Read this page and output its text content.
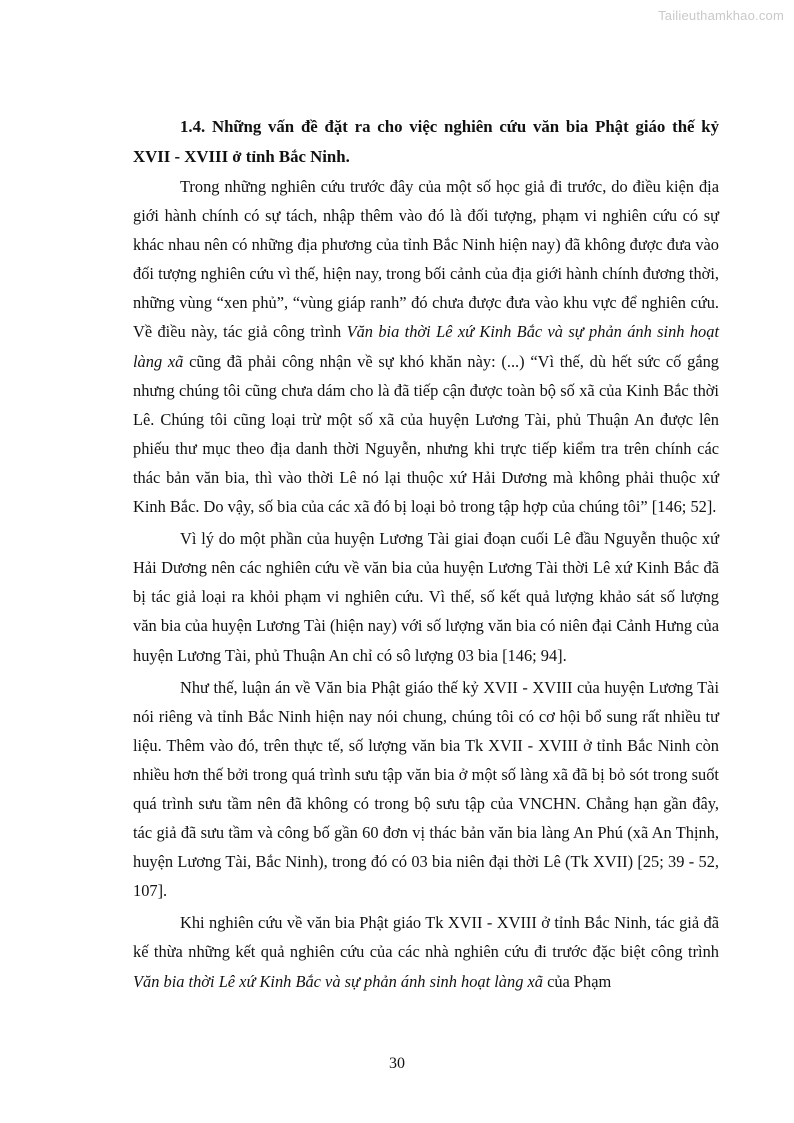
Tailieuthamkhao.com
1.4. Những vấn đề đặt ra cho việc nghiên cứu văn bia Phật giáo thế kỷ
XVII - XVIII ở tỉnh Bắc Ninh.

Trong những nghiên cứu trước đây của một số học giả đi trước, do điều kiện địa giới hành chính có sự tách, nhập thêm vào đó là đối tượng, phạm vi nghiên cứu có sự khác nhau nên có những địa phương của tỉnh Bắc Ninh hiện nay) đã không được đưa vào đối tượng nghiên cứu vì thế, hiện nay, trong bối cảnh của địa giới hành chính đương thời, những vùng “xen phủ”, “vùng giáp ranh” đó chưa được đưa vào khu vực để nghiên cứu. Về điều này, tác giả công trình Văn bia thời Lê xứ Kinh Bắc và sự phản ánh sinh hoạt làng xã cũng đã phải công nhận về sự khó khăn này: (...) “Vì thế, dù hết sức cố gắng nhưng chúng tôi cũng chưa dám cho là đã tiếp cận được toàn bộ số xã của Kinh Bắc thời Lê. Chúng tôi cũng loại trừ một số xã của huyện Lương Tài, phủ Thuận An được lên phiếu thư mục theo địa danh thời Nguyễn, nhưng khi trực tiếp kiểm tra trên chính các thác bản văn bia, thì vào thời Lê nó lại thuộc xứ Hải Dương mà không phải thuộc xứ Kinh Bắc. Do vậy, số bia của các xã đó bị loại bỏ trong tập hợp của chúng tôi” [146; 52].

Vì lý do một phần của huyện Lương Tài giai đoạn cuối Lê đầu Nguyễn thuộc xứ Hải Dương nên các nghiên cứu về văn bia của huyện Lương Tài thời Lê xứ Kinh Bắc đã bị tác giả loại ra khỏi phạm vi nghiên cứu. Vì thế, số kết quả lượng khảo sát số lượng văn bia của huyện Lương Tài (hiện nay) với số lượng văn bia có niên đại Cảnh Hưng của huyện Lương Tài, phủ Thuận An chỉ có sô lượng 03 bia [146; 94].

Như thế, luận án về Văn bia Phật giáo thế kỷ XVII - XVIII của huyện Lương Tài nói riêng và tỉnh Bắc Ninh hiện nay nói chung, chúng tôi có cơ hội bổ sung rất nhiều tư liệu. Thêm vào đó, trên thực tế, số lượng văn bia Tk XVII - XVIII ở tỉnh Bắc Ninh còn nhiều hơn thế bởi trong quá trình sưu tập văn bia ở một số làng xã đã bị bỏ sót trong suốt quá trình sưu tầm nên đã không có trong bộ sưu tập của VNCHN. Chẳng hạn gần đây, tác giả đã sưu tầm và công bố gần 60 đơn vị thác bản văn bia làng An Phú (xã An Thịnh, huyện Lương Tài, Bắc Ninh), trong đó có 03 bia niên đại thời Lê (Tk XVII) [25; 39 - 52, 107].

Khi nghiên cứu về văn bia Phật giáo Tk XVII - XVIII ở tỉnh Bắc Ninh, tác giả đã kế thừa những kết quả nghiên cứu của các nhà nghiên cứu đi trước đặc biệt công trình Văn bia thời Lê xứ Kinh Bắc và sự phản ánh sinh hoạt làng xã của Phạm

30
